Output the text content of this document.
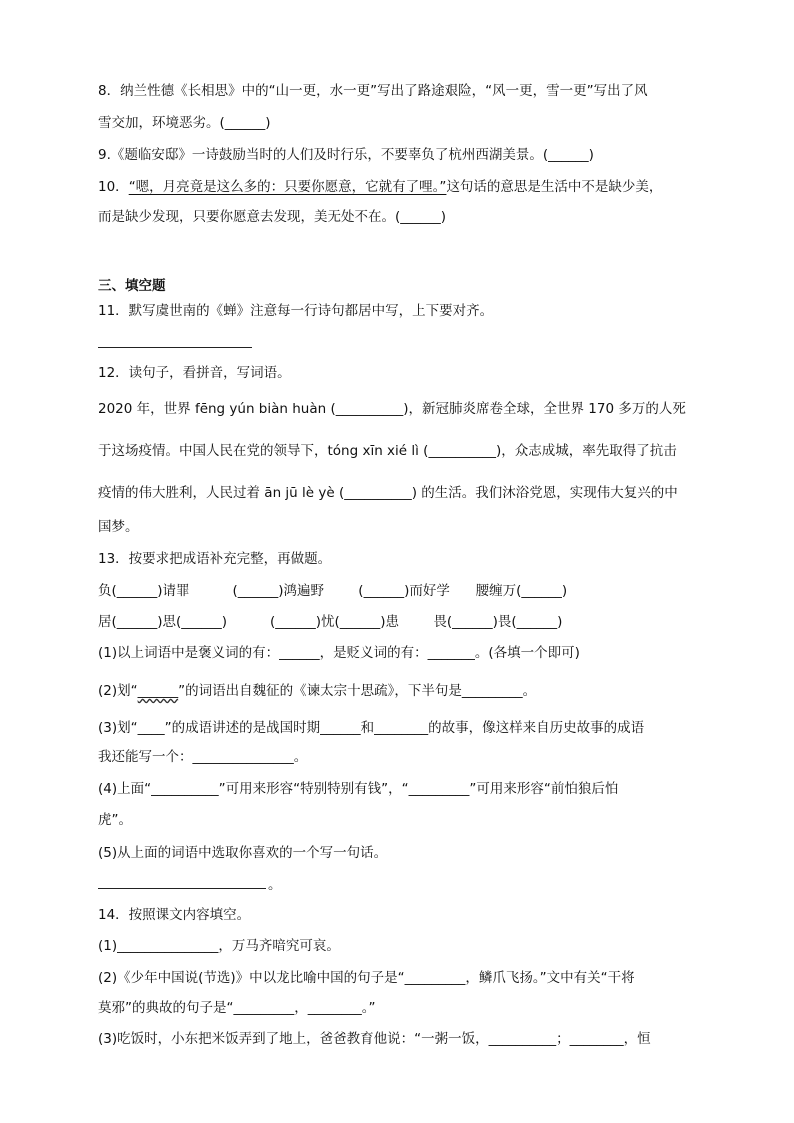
8．纳兰性德《长相思》中的“山一更，水一更”写出了路途艰险，“风一更，雪一更”写出了风
雪交加，环境恶劣。(______)
9.《题临安邸》一诗鼓励当时的人们及时行乐，不要辜负了杭州西湖美景。(______)
10．“嗯，月亮竟是这么多的：只要你愿意，它就有了哩。”这句话的意思是生活中不是缺少美，
而是缺少发现，只要你愿意去发现，美无处不在。(______)
三、填空题
11．默写虞世南的《蝉》注意每一行诗句都居中写，上下要对齐。
12．读句子，看拼音，写词语。
2020 年，世界 fēng yún biàn huàn (__________)，新冠肺炎席卷全球，全世界 170 多万的人死
于这场疫情。中国人民在党的领导下，tóng xīn xié lì (__________)，众志成城，率先取得了抗击
疫情的伟大胜利，人民过着 ān jū lè yè (__________) 的生活。我们沐浴党恩，实现伟大复兴的中
国梦。
13．按要求把成语补充完整，再做题。
负(______)请罪          (______)鸿遍野        (______)而好学      腰缠万(______)
居(______)思(______)          (______)忧(______)患        畏(______)畏(______)
(1)以上词语中是褒义词的有：______，是贬义词的有：_______。(各填一个即可)
(2)划“______”的词语出自魏征的《谏太宗十思疏》，下半句是_________。
(3)划“____”的成语讲述的是战国时期______和________的故事，像这样来自历史故事的成语
我还能写一个：_______________。
(4)上面“__________”可用来形容“特别特别有钱”，“_________”可用来形容“前怕狼后怕
虎”。
(5)从上面的词语中选取你喜欢的一个写一句话。
。
14．按照课文内容填空。
(1)_______________，万马齐喑究可哀。
(2)《少年中国说(节选)》中以龙比喻中国的句子是“_________，鳞爪飞扬。”文中有关“干将
莫邪”的典故的句子是“_________，________。”
(3)吃饭时，小东把米饭弄到了地上，爸爸教育他说：“一粥一饭，__________；________，恒
